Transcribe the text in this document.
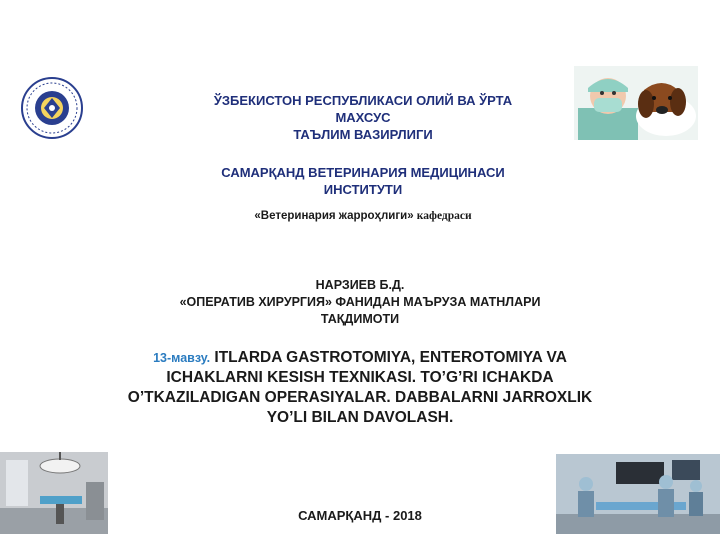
ЎЗБЕКИСТОН РЕСПУБЛИКАСИ ОЛИЙ ВА ЎРТА
МАХСУС
ТАЪЛИМ ВАЗИРЛИГИ
САМАРҚАНД ВЕТЕРИНАРИЯ МЕДИЦИНАСИ
ИНСТИТУТИ
«Ветеринария жарроҳлиги» кафедраси
НАРЗИЕВ Б.Д.
«ОПЕРАТИВ ХИРУРГИЯ» ФАНИДАН МАЪРУЗА МАТНЛАРИ
ТАҚДИМОТИ
13-мавзу. ITLARDA GASTROTOMIYA, ENTEROTOMIYA VA
ICHAKLARNI KESISH TEXNIKASI. TO’G’RI ICHAKDA
O’TKAZILADIGAN OPERASIYALAR. DABBALARNI JARROXLIK
YO’LI BILAN DAVOLASH.
САМАРҚАНД - 2018
